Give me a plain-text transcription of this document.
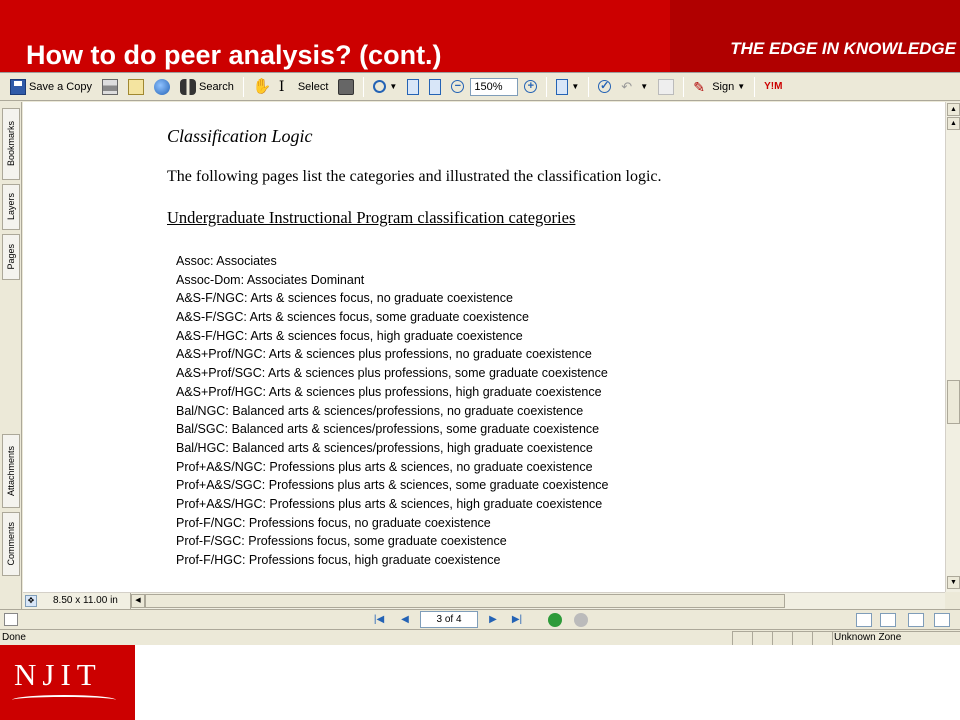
How to do peer analysis? (cont.)	THE EDGE IN KNOWLEDGE
Save a Copy	Search ✋ I	Select	▼	−	150%	+	▼ ✓ ↶	▼	✎ Sign ▼ Y!M
Bookmarks
Layers
Pages
Attachments
Comments
Classification Logic
The following pages list the categories and illustrated the classification logic.
Undergraduate Instructional Program classification categories
Assoc: Associates
Assoc-Dom: Associates Dominant
A&S-F/NGC: Arts & sciences focus, no graduate coexistence
A&S-F/SGC: Arts & sciences focus, some graduate coexistence
A&S-F/HGC: Arts & sciences focus, high graduate coexistence
A&S+Prof/NGC: Arts & sciences plus professions, no graduate coexistence
A&S+Prof/SGC: Arts & sciences plus professions, some graduate coexistence
A&S+Prof/HGC: Arts & sciences plus professions, high graduate coexistence
Bal/NGC: Balanced arts & sciences/professions, no graduate coexistence
Bal/SGC: Balanced arts & sciences/professions, some graduate coexistence
Bal/HGC: Balanced arts & sciences/professions, high graduate coexistence
Prof+A&S/NGC: Professions plus arts & sciences, no graduate coexistence
Prof+A&S/SGC: Professions plus arts & sciences, some graduate coexistence
Prof+A&S/HGC: Professions plus arts & sciences, high graduate coexistence
Prof-F/NGC: Professions focus, no graduate coexistence
Prof-F/SGC: Professions focus, some graduate coexistence
Prof-F/HGC: Professions focus, high graduate coexistence
▲
▲
▼
✥ 8.50 x 11.00 in	◀
|◀	◀	3 of 4	▶	▶|
Done	Unknown Zone
NJIT
